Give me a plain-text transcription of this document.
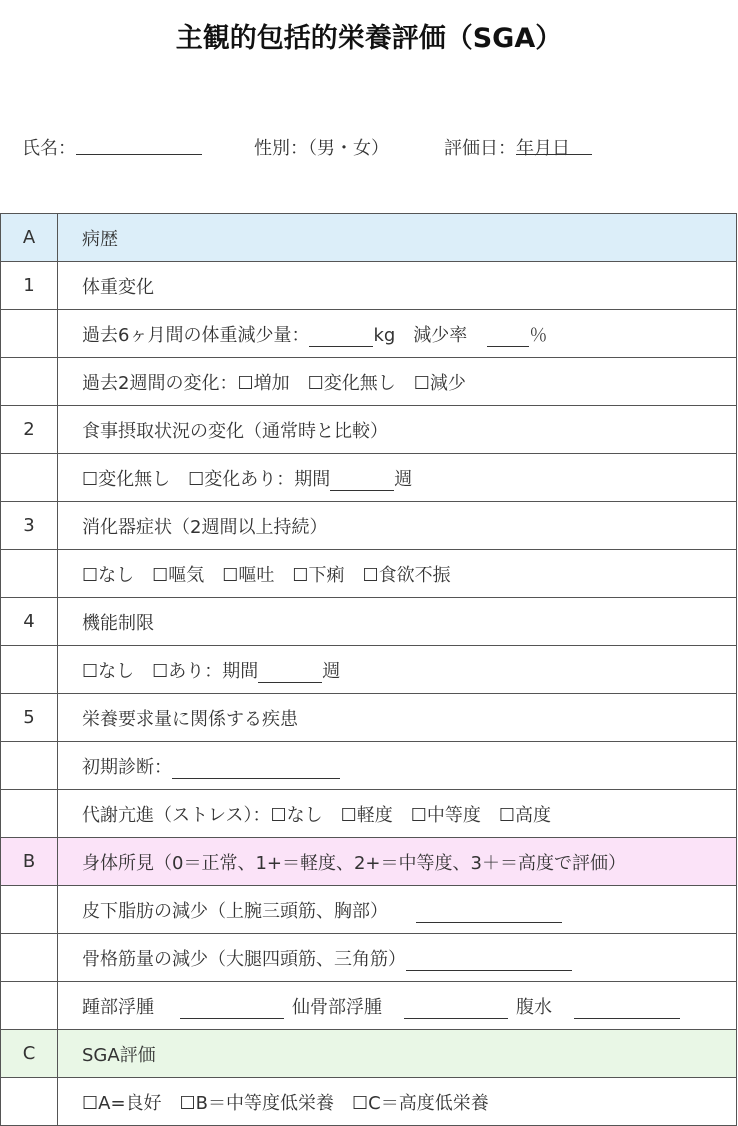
主観的包括的栄養評価（SGA）
氏名：	性別：（男・女）	評価日：
年
月
日
A	病歴
1	体重変化
	過去6ヶ月間の体重減少量： kg　減少率 ％
	過去2週間の変化：☐増加　☐変化無し　☐減少
2	食事摂取状況の変化（通常時と比較）
	☐変化無し　☐変化あり：期間 週
3	消化器症状（2週間以上持続）
	☐なし　☐嘔気　☐嘔吐　☐下痢　☐食欲不振
4	機能制限
	☐なし　☐あり：期間 週
5	栄養要求量に関係する疾患
	初期診断：
	代謝亢進（ストレス）：☐なし　☐軽度　☐中等度　☐高度
B	身体所見（0＝正常、1+＝軽度、2+＝中等度、3＋＝高度で評価）
	皮下脂肪の減少（上腕三頭筋、胸部）
	骨格筋量の減少（大腿四頭筋、三角筋）
	踵部浮腫 仙骨部浮腫 腹水
C	SGA評価
	☐A=良好　☐B＝中等度低栄養　☐C＝高度低栄養
